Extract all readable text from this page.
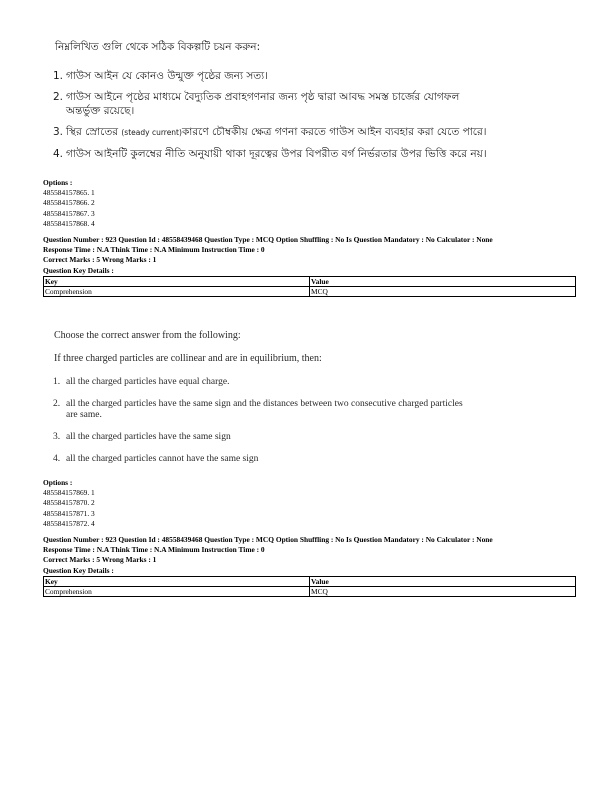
নিম্নলিখিত গুলি থেকে সঠিক বিকল্পটি চয়ন করুন:

1. গাউস আইন যে কোনও উন্মুক্ত পৃষ্ঠের জন্য সত্য।
2. গাউস আইনে পৃষ্ঠের মাধ্যমে বৈদ্যুতিক প্রবাহগণনার জন্য পৃষ্ঠ দ্বারা আবদ্ধ সমস্ত চার্জের যোগফল
অন্তর্ভুক্ত রয়েছে।
3. স্থির স্রোতের (steady current)কারণে চৌম্বকীয় ক্ষেত্র গণনা করতে গাউস আইন ব্যবহার করা যেতে পারে।
4. গাউস আইনটি কুলম্বের নীতি অনুযায়ী থাকা দূরত্বের উপর বিপরীত বর্গ নির্ভরতার উপর ভিত্তি করে নয়।

Options :

485584157865. 1

485584157866. 2

485584157867. 3

485584157868. 4

Question Number : 923 Question Id : 48558439468 Question Type : MCQ Option Shuffling : No Is Question Mandatory : No Calculator : None

Response Time : N.A Think Time : N.A Minimum Instruction Time : 0

Correct Marks : 5 Wrong Marks : 1

Question Key Details :

Key	Value
Comprehension	MCQ

Choose the correct answer from the following:

If three charged particles are collinear and are in equilibrium, then:

1. all the charged particles have equal charge.
2. all the charged particles have the same sign and the distances between two consecutive charged particles
are same.
3. all the charged particles have the same sign
4. all the charged particles cannot have the same sign

Options :

485584157869. 1

485584157870. 2

485584157871. 3

485584157872. 4

Question Number : 923 Question Id : 48558439468 Question Type : MCQ Option Shuffling : No Is Question Mandatory : No Calculator : None

Response Time : N.A Think Time : N.A Minimum Instruction Time : 0

Correct Marks : 5 Wrong Marks : 1

Question Key Details :

Key	Value
Comprehension	MCQ
